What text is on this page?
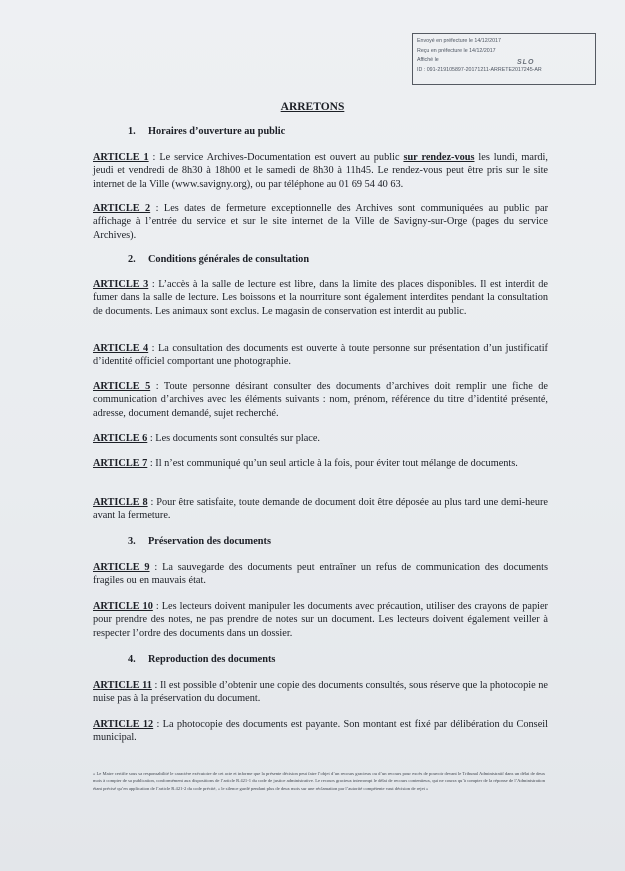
Envoyé en préfecture le 14/12/2017
Reçu en préfecture le 14/12/2017
Affiché le
ID : 091-219105897-20171211-ARRETE2017245-AR
SLO
ARRETONS
1. Horaires d’ouverture au public
ARTICLE 1 : Le service Archives-Documentation est ouvert au public sur rendez-vous les lundi, mardi, jeudi et vendredi de 8h30 à 18h00 et le samedi de 8h30 à 11h45. Le rendez-vous peut être pris sur le site internet de la Ville (www.savigny.org), ou par téléphone au 01 69 54 40 63.
ARTICLE 2 : Les dates de fermeture exceptionnelle des Archives sont communiquées au public par affichage à l’entrée du service et sur le site internet de la Ville de Savigny-sur-Orge (pages du service Archives).
2. Conditions générales de consultation
ARTICLE 3 : L’accès à la salle de lecture est libre, dans la limite des places disponibles. Il est interdit de fumer dans la salle de lecture. Les boissons et la nourriture sont également interdites pendant la consultation de documents. Les animaux sont exclus. Le magasin de conservation est interdit au public.
ARTICLE 4 : La consultation des documents est ouverte à toute personne sur présentation d’un justificatif d’identité officiel comportant une photographie.
ARTICLE 5 : Toute personne désirant consulter des documents d’archives doit remplir une fiche de communication d’archives avec les éléments suivants : nom, prénom, référence du titre d’identité présenté, adresse, document demandé, sujet recherché.
ARTICLE 6 : Les documents sont consultés sur place.
ARTICLE 7 : Il n’est communiqué qu’un seul article à la fois, pour éviter tout mélange de documents.
ARTICLE 8 : Pour être satisfaite, toute demande de document doit être déposée au plus tard une demi-heure avant la fermeture.
3. Préservation des documents
ARTICLE 9 : La sauvegarde des documents peut entraîner un refus de communication des documents fragiles ou en mauvais état.
ARTICLE 10 : Les lecteurs doivent manipuler les documents avec précaution, utiliser des crayons de papier pour prendre des notes, ne pas prendre de notes sur un document. Les lecteurs doivent également veiller à respecter l’ordre des documents dans un dossier.
4. Reproduction des documents
ARTICLE 11 : Il est possible d’obtenir une copie des documents consultés, sous réserve que la photocopie ne nuise pas à la préservation du document.
ARTICLE 12 : La photocopie des documents est payante. Son montant est fixé par délibération du Conseil municipal.
« Le Maire certifie sous sa responsabilité le caractère exécutoire de cet acte et informe que la présente décision peut faire l’objet d’un recours gracieux ou d’un recours pour excès de pouvoir devant le Tribunal Administratif dans un délai de deux mois à compter de sa publication, conformément aux dispositions de l’article R.421-1 du code de justice administrative. Le recours gracieux interrompt le délai de recours contentieux, qui ne courra qu’à compter de la réponse de l’Administration étant précisé qu’en application de l’article R.421-2 du code précité, « le silence gardé pendant plus de deux mois sur une réclamation par l’autorité compétente vaut décision de rejet »
